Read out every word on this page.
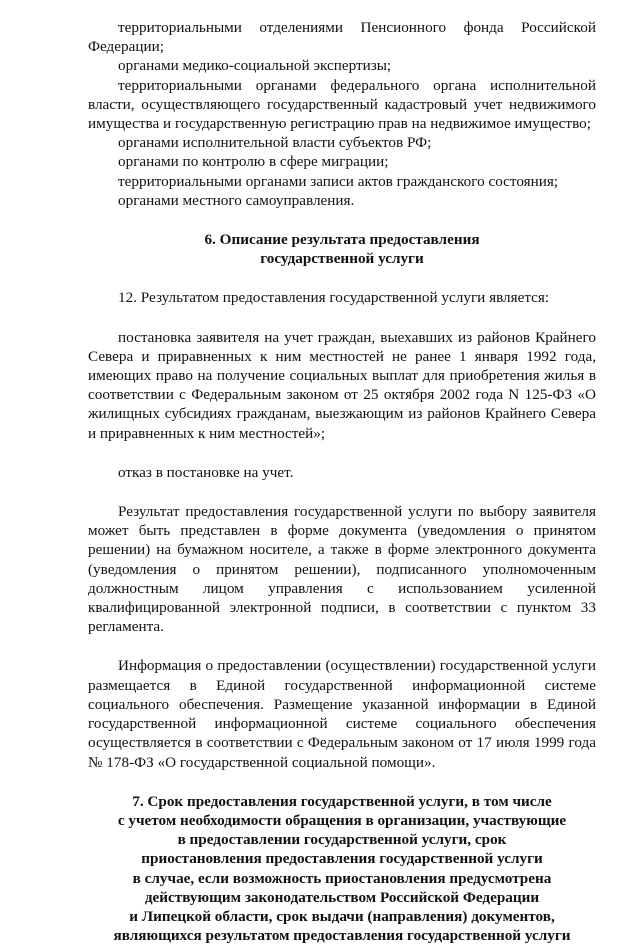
территориальными отделениями Пенсионного фонда Российской Федерации;

органами медико-социальной экспертизы;

территориальными органами федерального органа исполнительной власти, осуществляющего государственный кадастровый учет недвижимого имущества и государственную регистрацию прав на недвижимое имущество;

органами исполнительной власти субъектов РФ;

органами по контролю в сфере миграции;

территориальными органами записи актов гражданского состояния;

органами местного самоуправления.

6. Описание результата предоставления
государственной услуги

12. Результатом предоставления государственной услуги является:

постановка заявителя на учет граждан, выехавших из районов Крайнего Севера и приравненных к ним местностей не ранее 1 января 1992 года, имеющих право на получение социальных выплат для приобретения жилья в соответствии с Федеральным законом от 25 октября 2002 года N 125-ФЗ «О жилищных субсидиях гражданам, выезжающим из районов Крайнего Севера и приравненных к ним местностей»;

отказ в постановке на учет.

Результат предоставления государственной услуги по выбору заявителя может быть представлен в форме документа (уведомления о принятом решении) на бумажном носителе, а также в форме электронного документа (уведомления о принятом решении), подписанного уполномоченным должностным лицом управления с использованием усиленной квалифицированной электронной подписи, в соответствии с пунктом 33 регламента.

Информация о предоставлении (осуществлении) государственной услуги размещается в Единой государственной информационной системе социального обеспечения. Размещение указанной информации в Единой государственной информационной системе социального обеспечения осуществляется в соответствии с Федеральным законом от 17 июля 1999 года № 178-ФЗ «О государственной социальной помощи».

7. Срок предоставления государственной услуги, в том числе
с учетом необходимости обращения в организации, участвующие
в предоставлении государственной услуги, срок
приостановления предоставления государственной услуги
в случае, если возможность приостановления предусмотрена
действующим законодательством Российской Федерации
и Липецкой области, срок выдачи (направления) документов,
являющихся результатом предоставления государственной услуги
